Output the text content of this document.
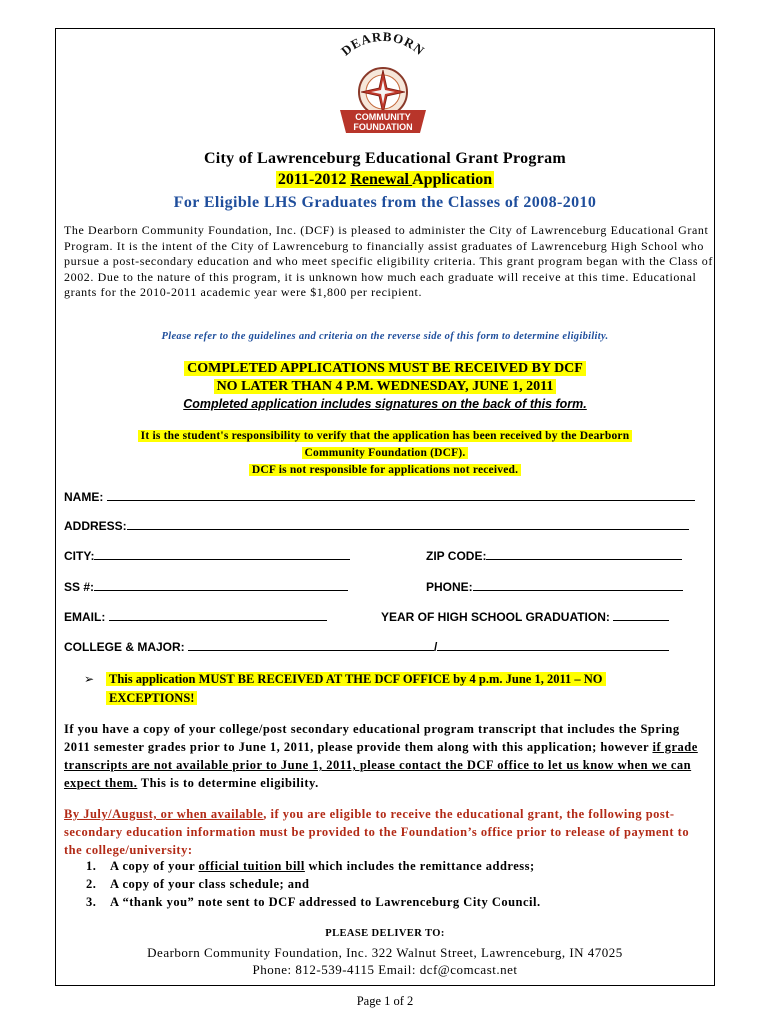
DEARBORN
COMMUNITY
FOUNDATION
City of Lawrenceburg Educational Grant Program
2011-2012 Renewal Application
For Eligible LHS Graduates from the Classes of 2008-2010
The Dearborn Community Foundation, Inc. (DCF) is pleased to administer the City of Lawrenceburg Educational Grant Program. It is the intent of the City of Lawrenceburg to financially assist graduates of Lawrenceburg High School who pursue a post-secondary education and who meet specific eligibility criteria. This grant program began with the Class of 2002. Due to the nature of this program, it is unknown how much each graduate will receive at this time. Educational grants for the 2010-2011 academic year were $1,800 per recipient.
Please refer to the guidelines and criteria on the reverse side of this form to determine eligibility.
COMPLETED APPLICATIONS MUST BE RECEIVED BY DCF
NO LATER THAN 4 P.M. WEDNESDAY, JUNE 1, 2011
Completed application includes signatures on the back of this form.
It is the student's responsibility to verify that the application has been received by the Dearborn
Community Foundation (DCF).
DCF is not responsible for applications not received.
NAME:
ADDRESS:
CITY:	ZIP CODE:
SS #:	PHONE:
EMAIL:	YEAR OF HIGH SCHOOL GRADUATION:
COLLEGE & MAJOR:	/
➢ This application MUST BE RECEIVED AT THE DCF OFFICE by 4 p.m. June 1, 2011 – NO
EXCEPTIONS!
If you have a copy of your college/post secondary educational program transcript that includes the Spring 2011 semester grades prior to June 1, 2011, please provide them along with this application; however if grade transcripts are not available prior to June 1, 2011, please contact the DCF office to let us know when we can expect them. This is to determine eligibility.
By July/August, or when available, if you are eligible to receive the educational grant, the following post-secondary education information must be provided to the Foundation’s office prior to release of payment to the college/university:
1. A copy of your official tuition bill which includes the remittance address;
2. A copy of your class schedule; and
3. A “thank you” note sent to DCF addressed to Lawrenceburg City Council.
PLEASE DELIVER TO:
Dearborn Community Foundation, Inc. 322 Walnut Street, Lawrenceburg, IN 47025
Phone: 812-539-4115 Email: dcf@comcast.net
Page 1 of 2
